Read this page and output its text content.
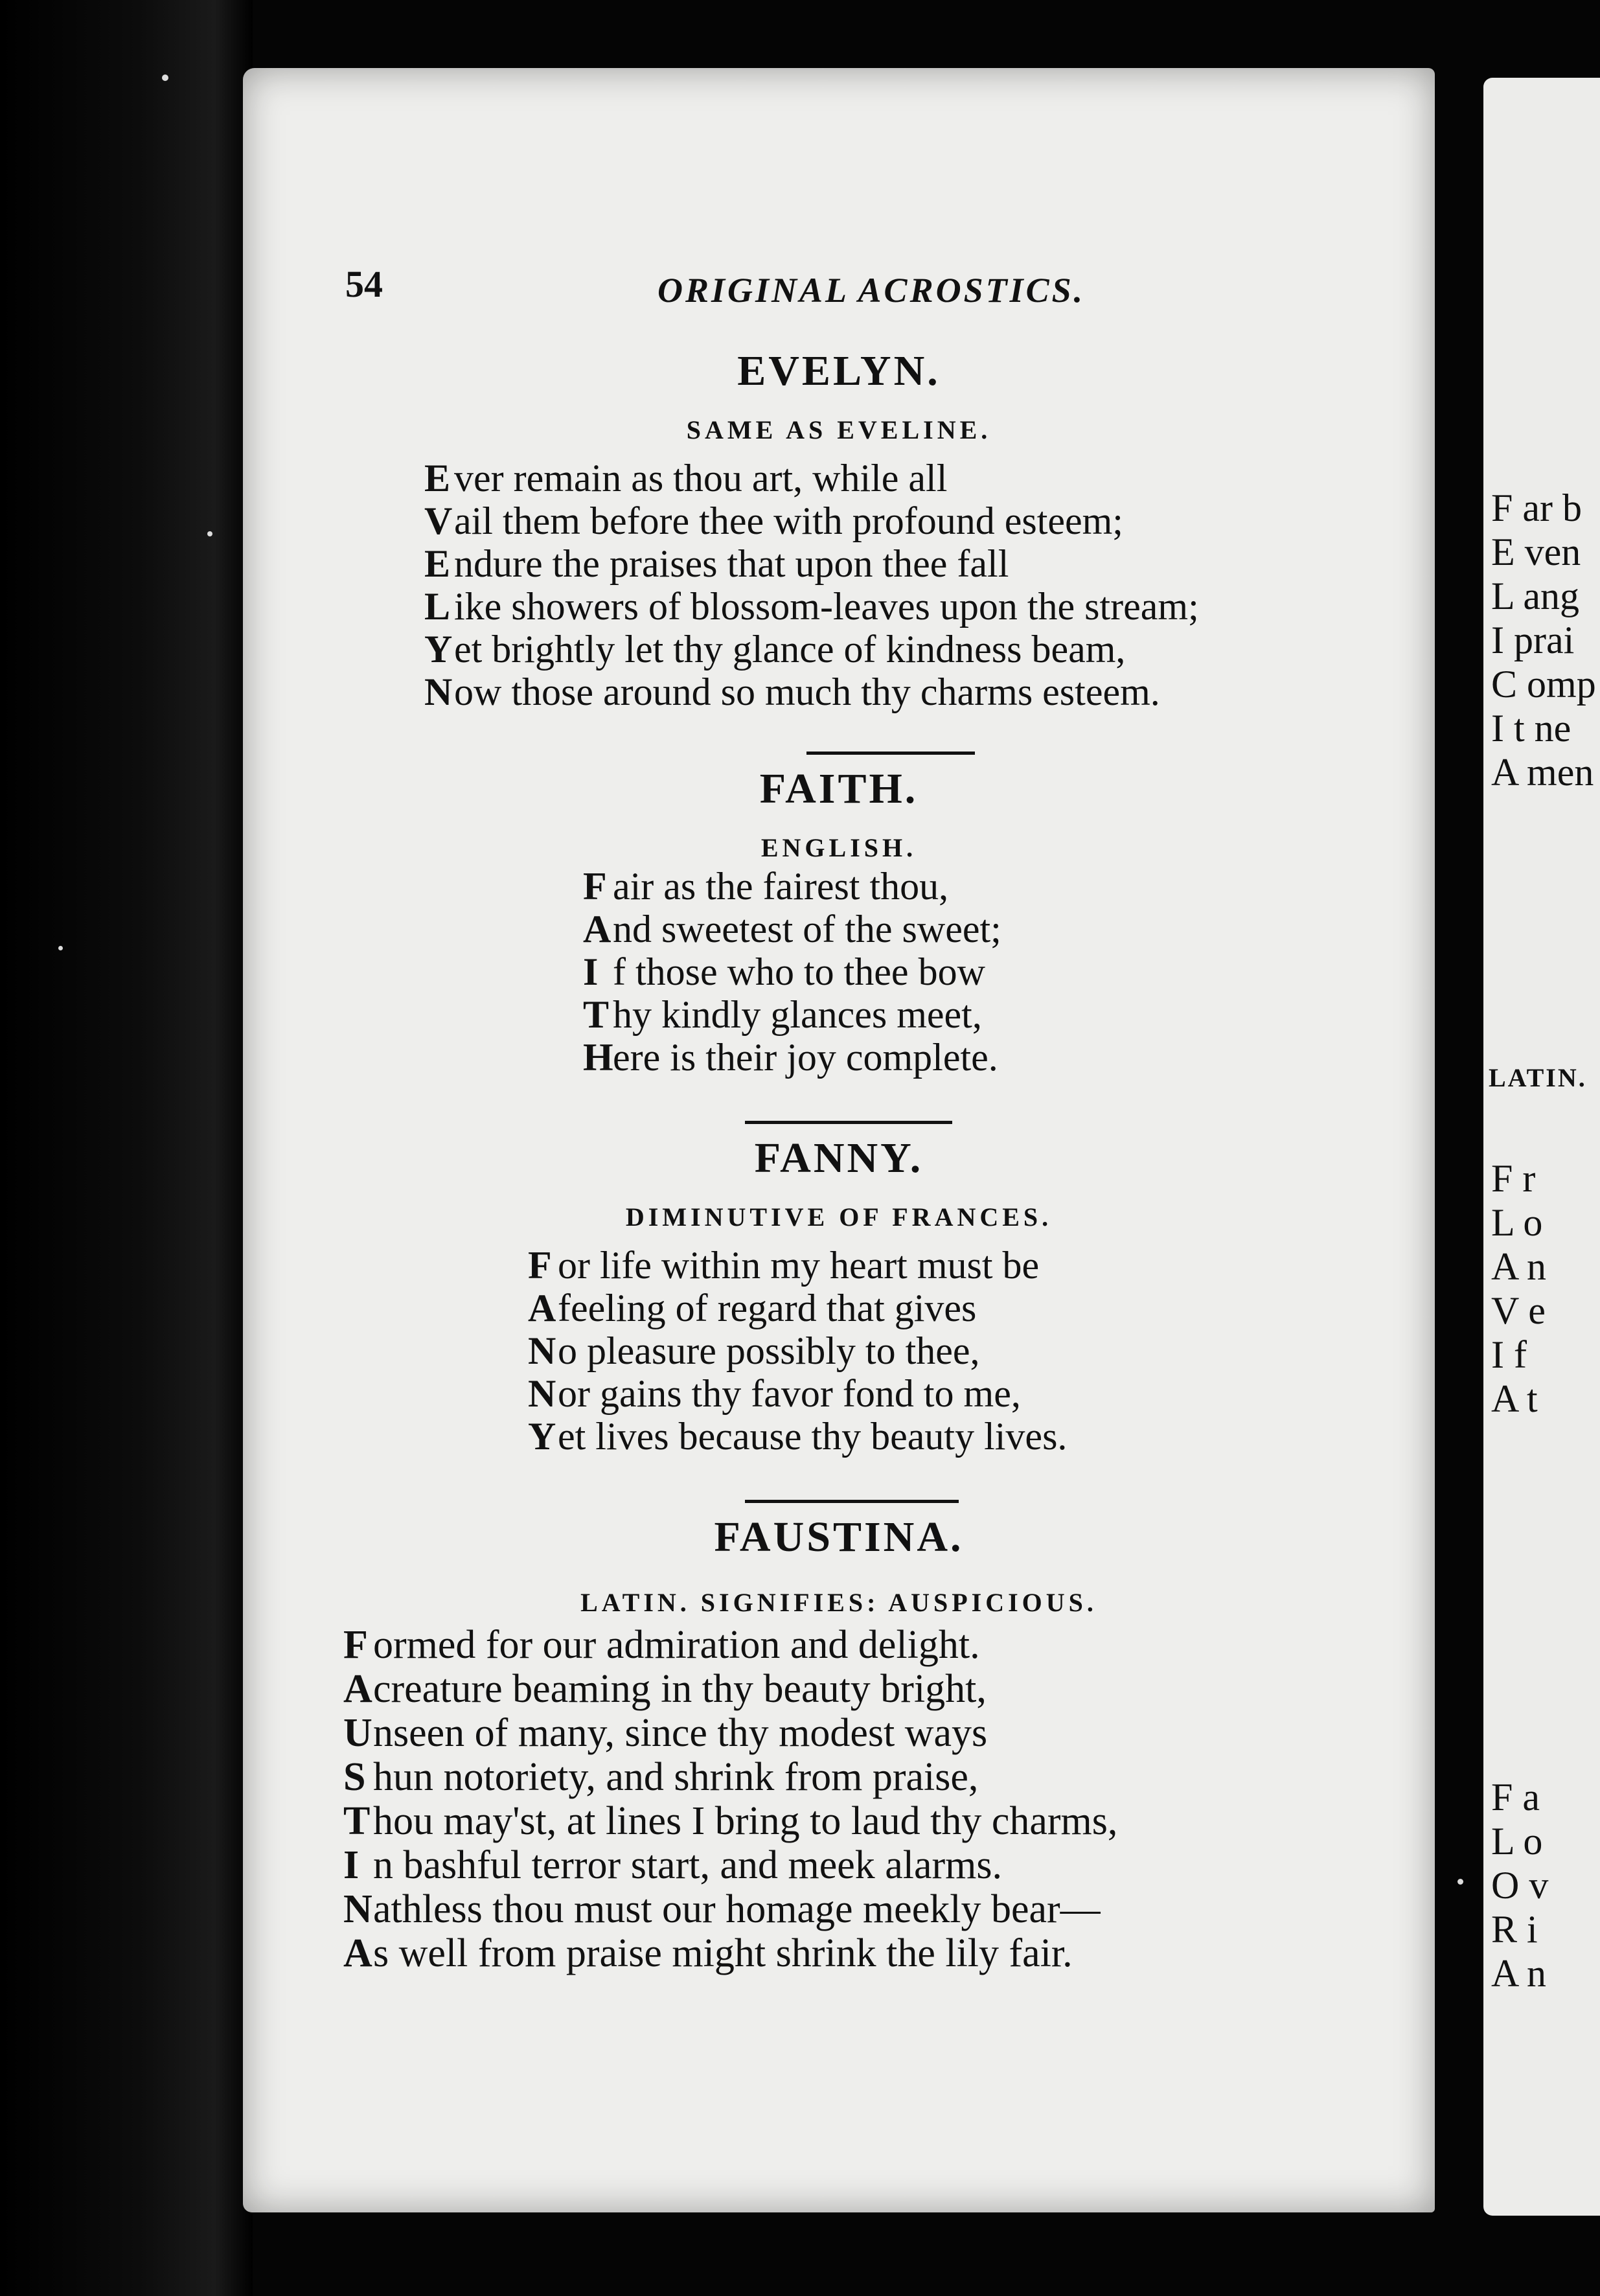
54	ORIGINAL ACROSTICS.
EVELYN.
SAME AS EVELINE.
Ever remain as thou art, while all
Vail them before thee with profound esteem;
Endure the praises that upon thee fall
Like showers of blossom-leaves upon the stream;
Yet brightly let thy glance of kindness beam,
Now those around so much thy charms esteem.
FAITH.
ENGLISH.
F air as the fairest thou,
And sweetest of the sweet;
I f those who to thee bow
Thy kindly glances meet,
Here is their joy complete.
FANNY.
DIMINUTIVE OF FRANCES.
F or life within my heart must be
Afeeling of regard that gives
No pleasure possibly to thee,
Nor gains thy favor fond to me,
Yet lives because thy beauty lives.
FAUSTINA.
LATIN. SIGNIFIES: AUSPICIOUS.
F ormed for our admiration and delight.
Acreature beaming in thy beauty bright,
Unseen of many, since thy modest ways
S hun notoriety, and shrink from praise,
Thou may'st, at lines I bring to laud thy charms,
I n bashful terror start, and meek alarms.
Nathless thou must our homage meekly bear—
As well from praise might shrink the lily fair.
F ar b
E ven
L ang
I prai
C omp
I t ne
A men
LATIN.
F r
L o
A n
V e
I f
A t
F a
L o
O v
R i
A n
